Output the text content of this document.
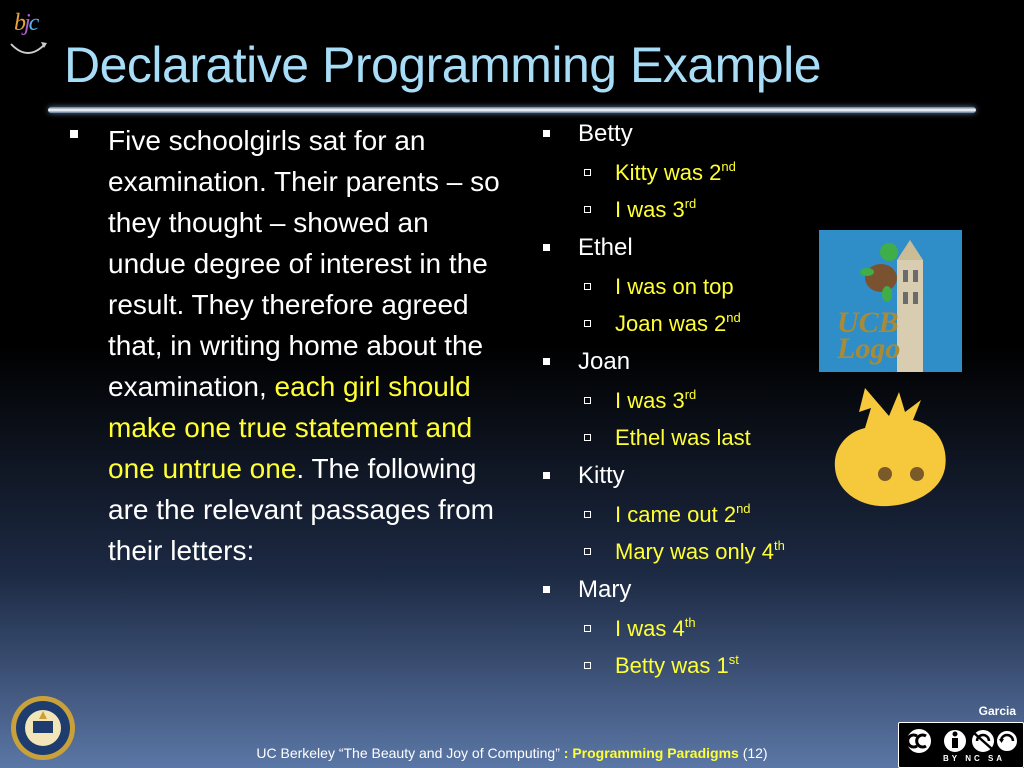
bjc
Declarative Programming Example

Five schoolgirls sat for an examination. Their parents – so they thought – showed an undue degree of interest in the result. They therefore agreed that, in writing home about the examination, each girl should make one true statement and one untrue one. The following are the relevant passages from their letters:

Betty
Kitty was 2nd
I was 3rd
Ethel
I was on top
Joan was 2nd
Joan
I was 3rd
Ethel was last
Kitty
I came out 2nd
Mary was only 4th
Mary
I was 4th
Betty was 1st
UCB
Logo
Garcia
UC Berkeley “The Beauty and Joy of Computing” : Programming Paradigms (12)	BY NC SA
